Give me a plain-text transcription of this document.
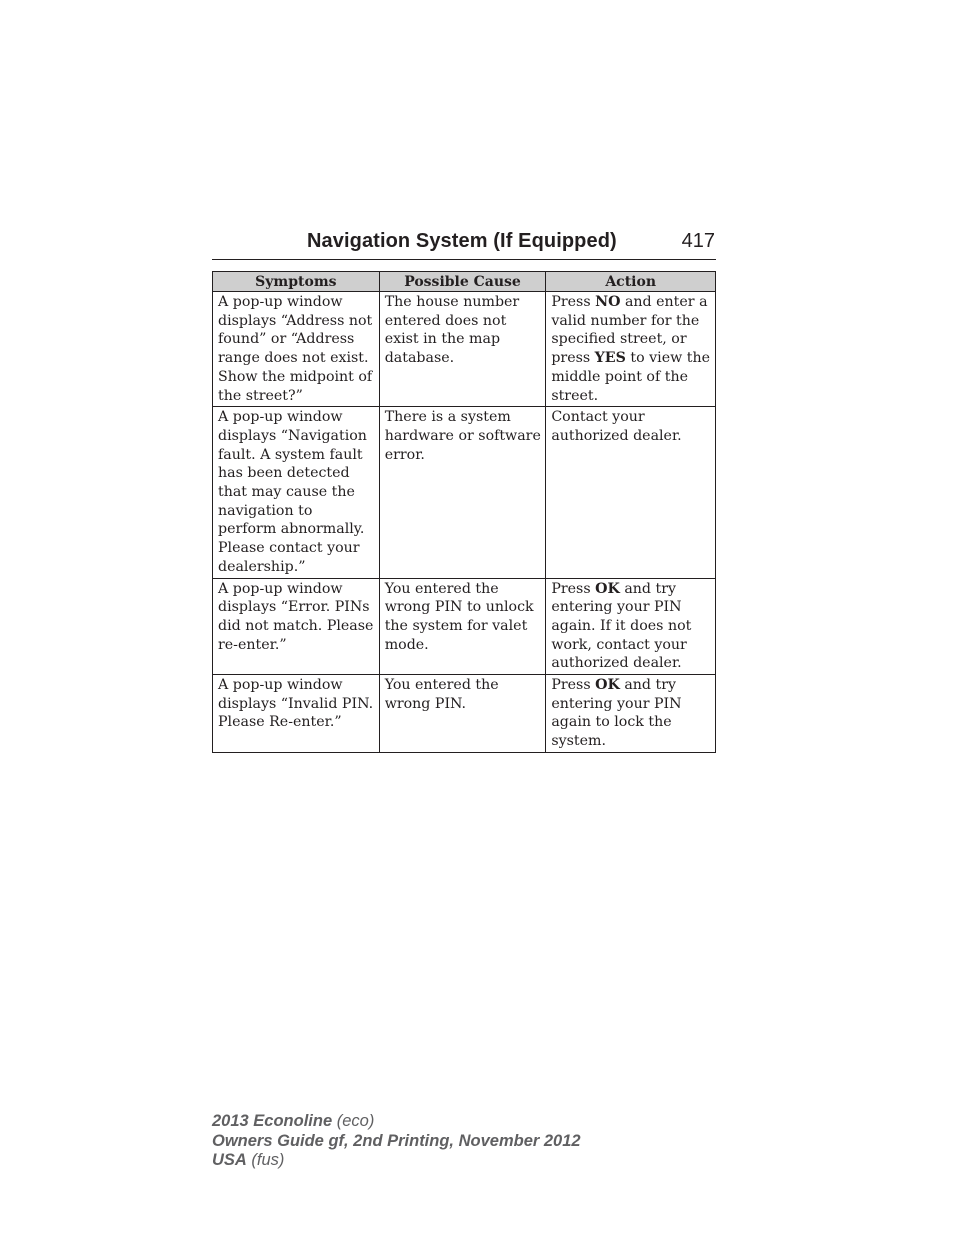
Navigation System (If Equipped)	417
Symptoms	Possible Cause	Action
A pop-up window displays “Address not found” or “Address range does not exist. Show the midpoint of the street?”	The house number entered does not exist in the map database.	Press NO and enter a valid number for the specified street, or press YES to view the middle point of the street.
A pop-up window displays “Navigation fault. A system fault has been detected that may cause the navigation to perform abnormally. Please contact your dealership.”	There is a system hardware or software error.	Contact your authorized dealer.
A pop-up window displays “Error. PINs did not match. Please re-enter.”	You entered the wrong PIN to unlock the system for valet mode.	Press OK and try entering your PIN again. If it does not work, contact your authorized dealer.
A pop-up window displays “Invalid PIN. Please Re-enter.”	You entered the wrong PIN.	Press OK and try entering your PIN again to lock the system.
2013 Econoline (eco)
Owners Guide gf, 2nd Printing, November 2012
USA (fus)
